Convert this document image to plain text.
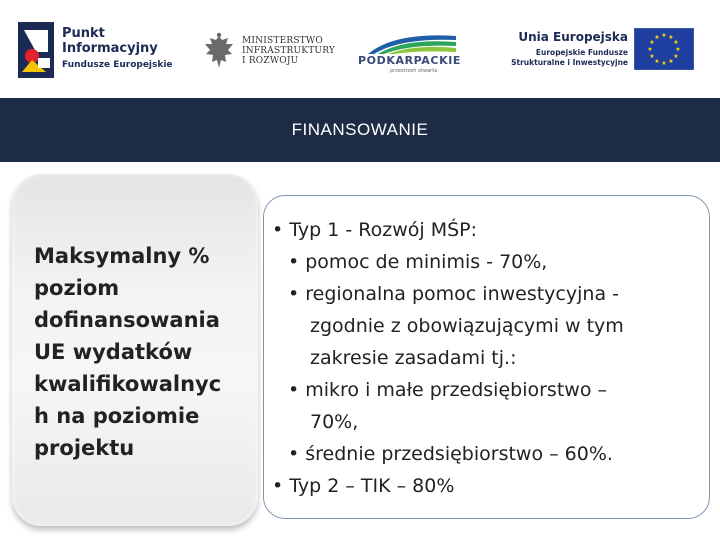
Punkt
Informacyjny
Fundusze Europejskie
MINISTERSTWO
INFRASTRUKTURY
I ROZWOJU	PODKARPACKIE
przestrzeń otwarta
Unia Europejska
Europejskie Fundusze
Strukturalne i Inwestycyjne
★ ★
★
★
★
★
★
★
★
★
★
★
FINANSOWANIE
Maksymalny %
poziom
dofinansowania
UE wydatków
kwalifikowalnyc
h na poziomie
projektu
• Typ 1 - Rozwój MŚP:
• pomoc de minimis - 70%,
• regionalna pomoc inwestycyjna -
zgodnie z obowiązującymi w tym
zakresie zasadami tj.:
• mikro i małe przedsiębiorstwo –
70%,
• średnie przedsiębiorstwo – 60%.
• Typ 2 – TIK – 80%
